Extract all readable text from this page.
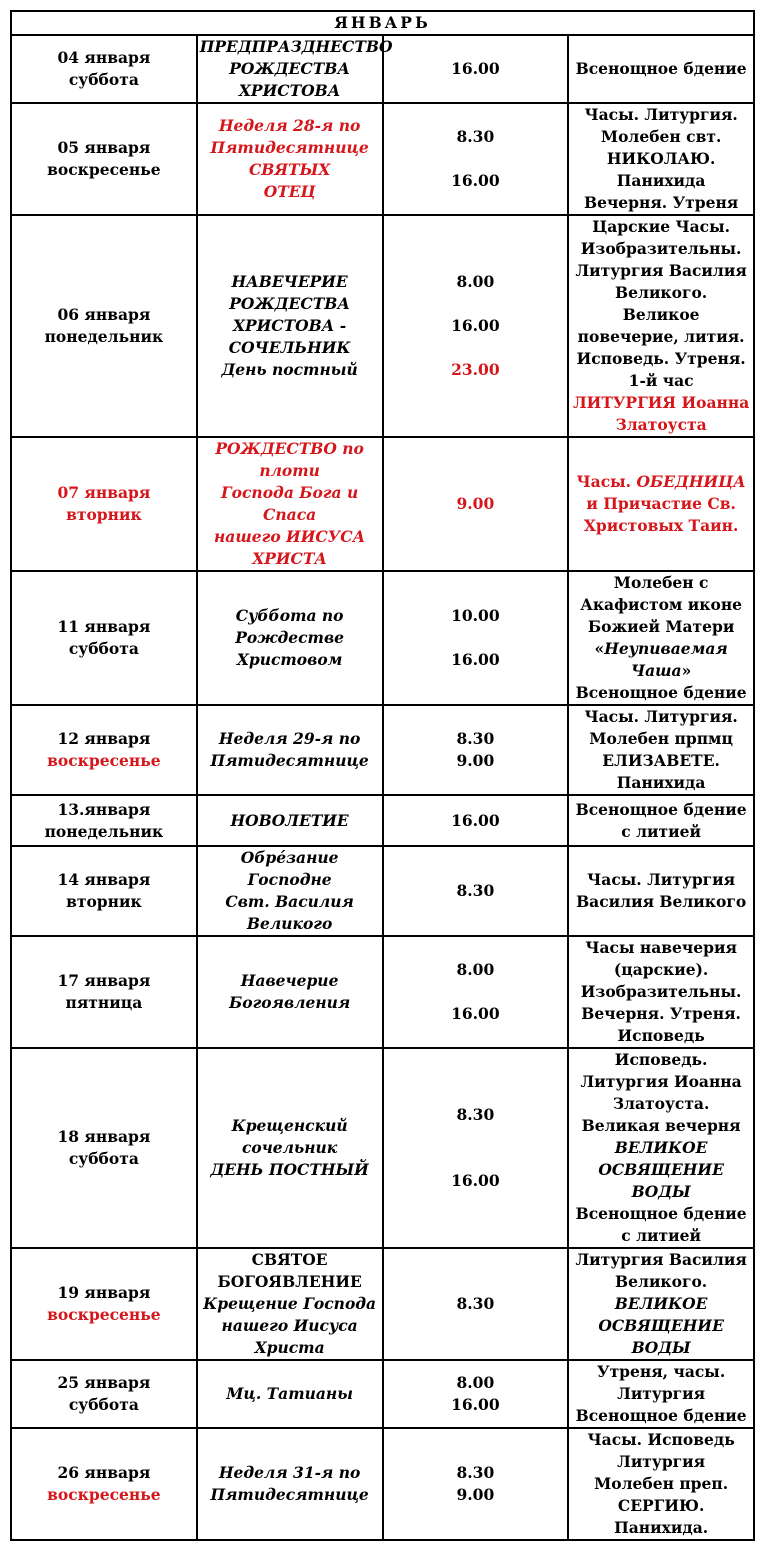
ЯНВАРЬ			

04 января
суббота	ПРЕДПРАЗДНЕСТВО
РОЖДЕСТВА ХРИСТОВА	16.00	Всенощное бдение

05 января
воскресенье	Неделя 28-я по
Пятидесятнице СВЯТЫХ
ОТЕЦ	8.30
16.00	Часы. Литургия.
Молебен свт. НИКОЛАЮ. Панихида
Вечерня. Утреня

06 января
понедельник	НАВЕЧЕРИЕ РОЖДЕСТВА
ХРИСТОВА - СОЧЕЛЬНИК
День постный	8.00
16.00
23.00	Царские Часы. Изобразительны.
Литургия Василия Великого.
Великое повечерие, лития.
Исповедь. Утреня. 1-й час
ЛИТУРГИЯ Иоанна Златоуста

07 января
вторник	РОЖДЕСТВО по плоти
Господа Бога и Спаса
нашего ИИСУСА ХРИСТА	9.00	Часы. ОБЕДНИЦА и Причастие Св.
Христовых Таин.

11 января
суббота	Суббота по Рождестве
Христовом	10.00
16.00	Молебен с Акафистом иконе
Божией Матери «Неупиваемая
Чаша»
Всенощное бдение

12 января
воскресенье	Неделя 29-я по
Пятидесятнице	8.30
9.00	Часы. Литургия.
Молебен прпмц ЕЛИЗАВЕТЕ.
Панихида

13.января
понедельник	НОВОЛЕТИЕ	16.00	Всенощное бдение с литией

14 января
вторник	Обрéзание Господне
Свт. Василия Великого	8.30	Часы. Литургия Василия Великого

17 января
пятница	Навечерие Богоявления	8.00
16.00	Часы навечерия (царские).
Изобразительны.
Вечерня. Утреня. Исповедь

18 января
суббота	Крещенский сочельник
ДЕНЬ ПОСТНЫЙ	8.30
16.00	Исповедь. Литургия Иоанна
Златоуста. Великая вечерня
ВЕЛИКОЕ ОСВЯЩЕНИЕ ВОДЫ
Всенощное бдение с литией

19 января
воскресенье	СВЯТОЕ БОГОЯВЛЕНИЕ
Крещение Господа
нашего Иисуса Христа	8.30	Литургия Василия Великого.
ВЕЛИКОЕ ОСВЯЩЕНИЕ ВОДЫ

25 января
суббота	Мц. Татианы	8.00
16.00	Утреня, часы. Литургия
Всенощное бдение

26 января
воскресенье	Неделя 31-я по
Пятидесятнице	8.30
9.00	Часы. Исповедь
Литургия
Молебен преп. СЕРГИЮ. Панихида.
